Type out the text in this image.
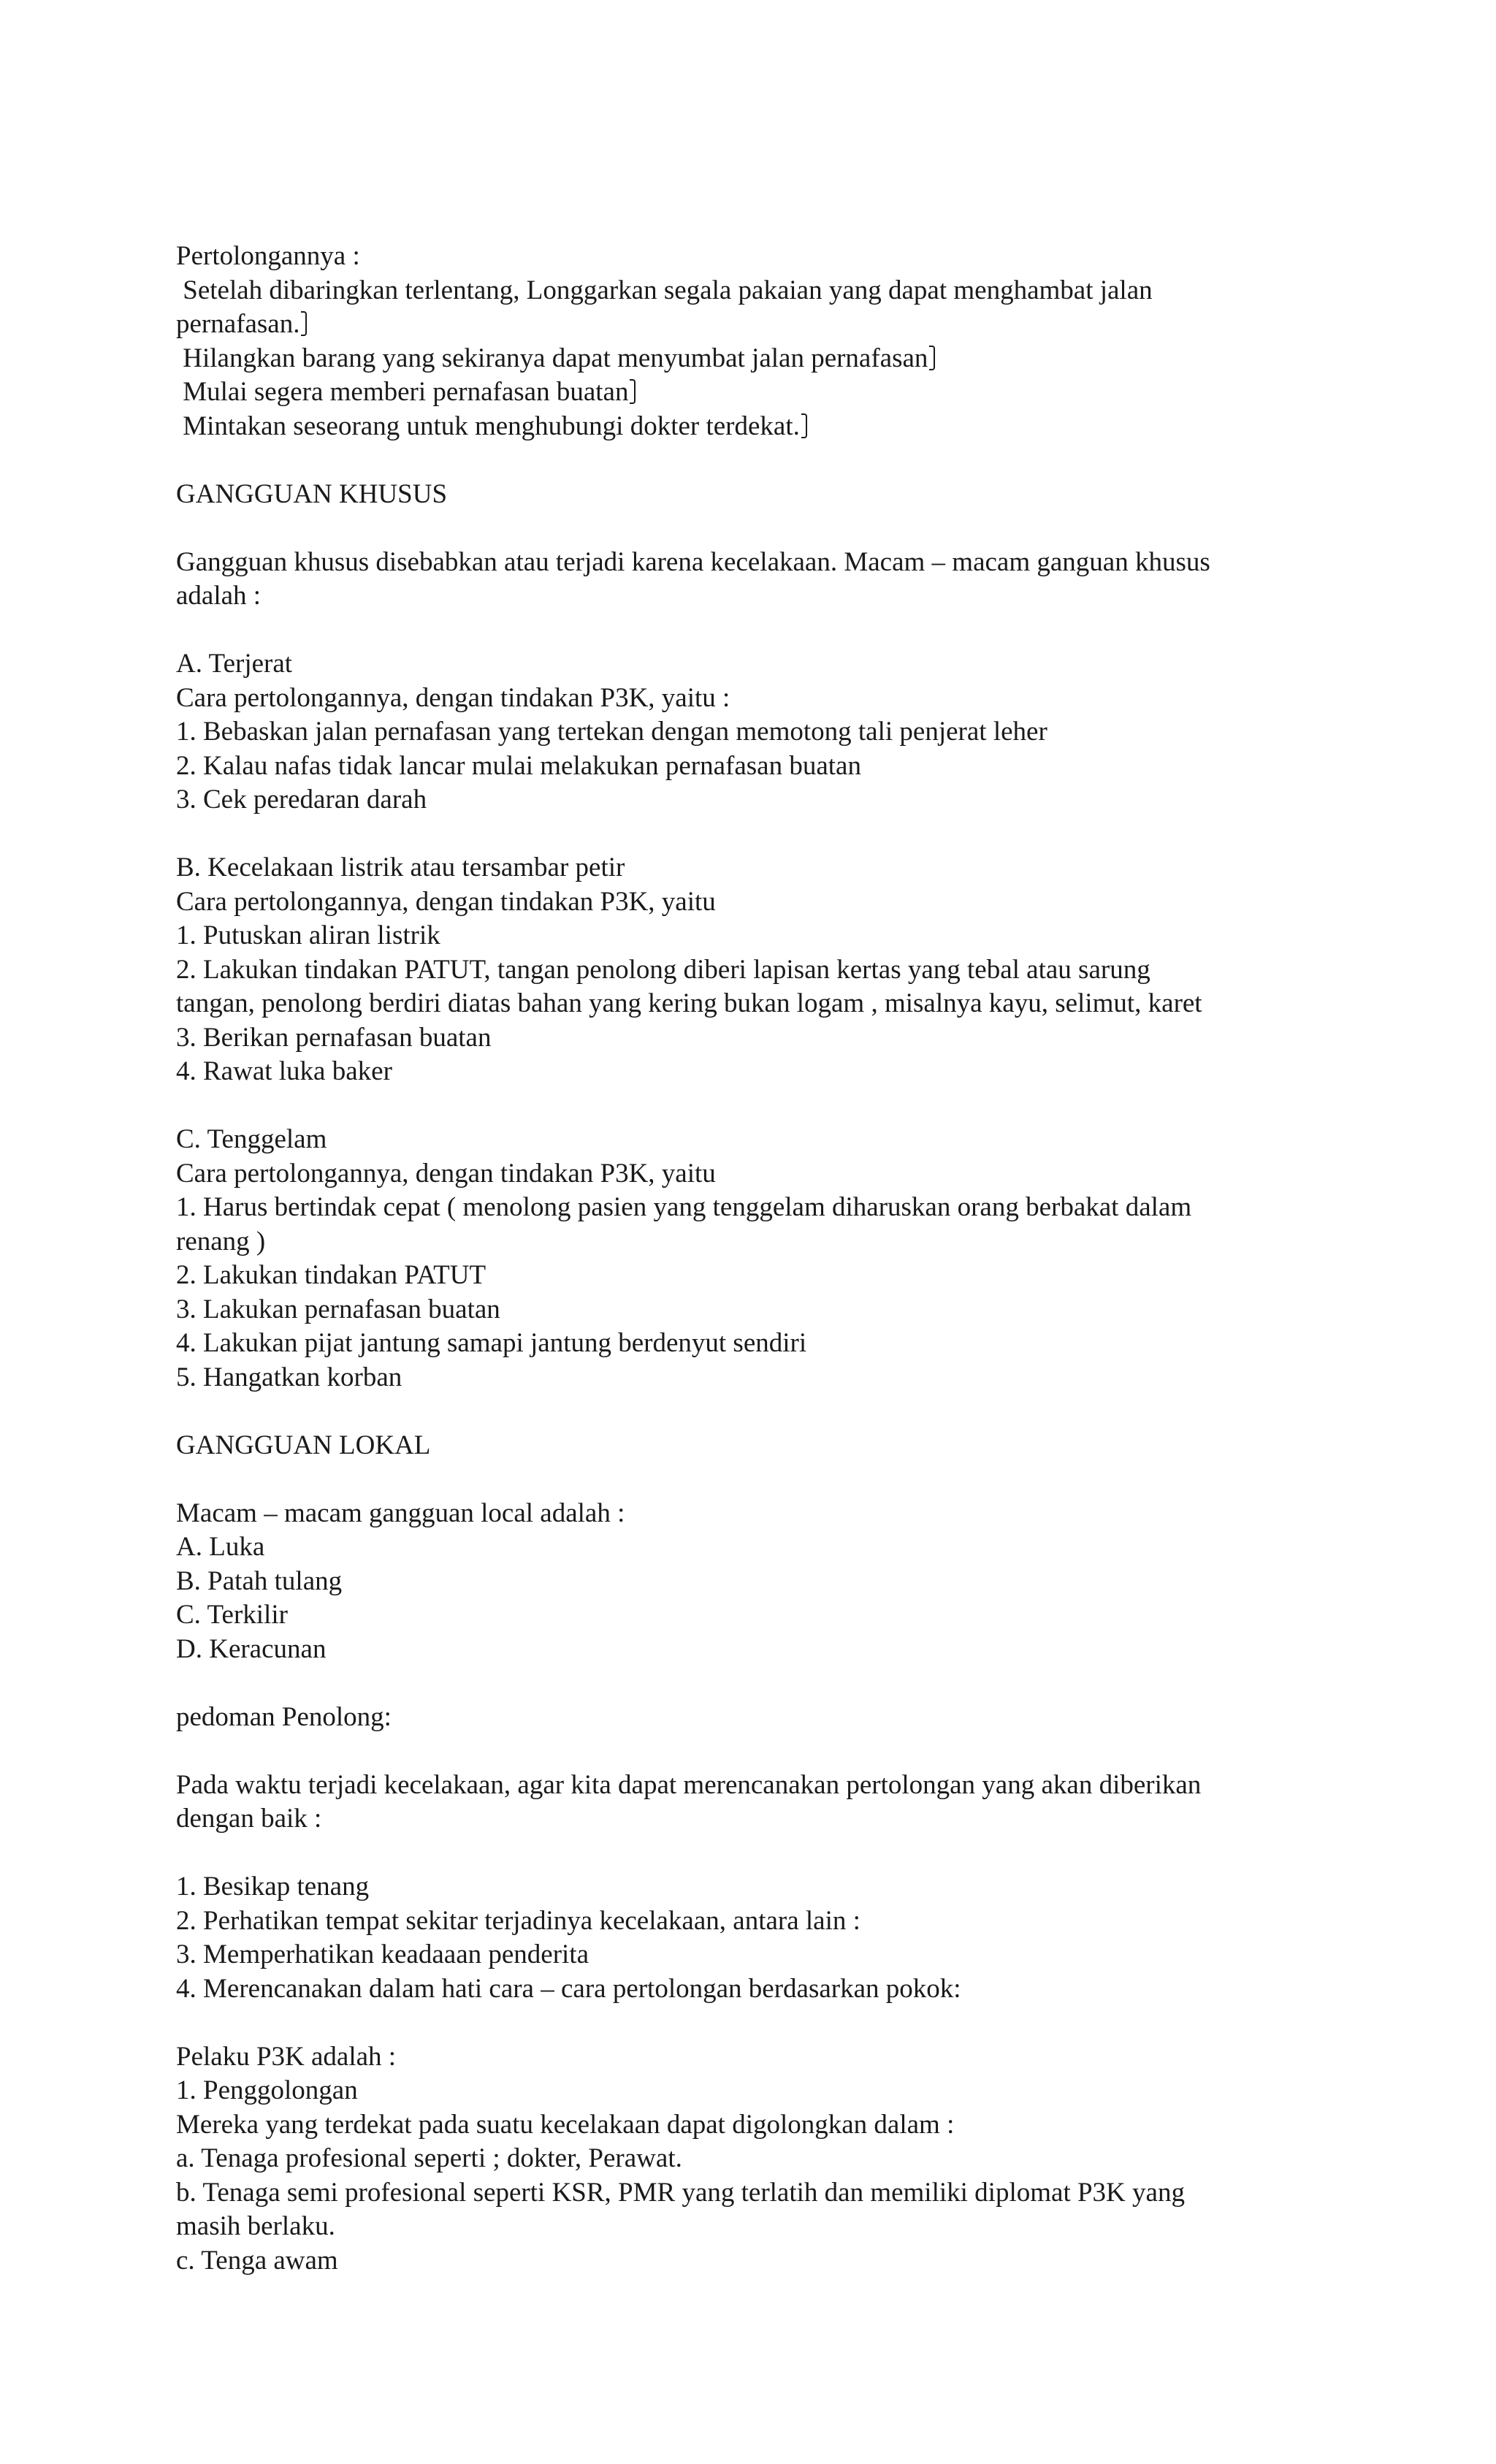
Pertolongannya :
Setelah dibaringkan terlentang, Longgarkan segala pakaian yang dapat menghambat jalan
pernafasan.
Hilangkan barang yang sekiranya dapat menyumbat jalan pernafasan
Mulai segera memberi pernafasan buatan
Mintakan seseorang untuk menghubungi dokter terdekat.
GANGGUAN KHUSUS
Gangguan khusus disebabkan atau terjadi karena kecelakaan. Macam – macam ganguan khusus
adalah :
A. Terjerat
Cara pertolongannya, dengan tindakan P3K, yaitu :
1. Bebaskan jalan pernafasan yang tertekan dengan memotong tali penjerat leher
2. Kalau nafas tidak lancar mulai melakukan pernafasan buatan
3. Cek peredaran darah
B. Kecelakaan listrik atau tersambar petir
Cara pertolongannya, dengan tindakan P3K, yaitu
1. Putuskan aliran listrik
2. Lakukan tindakan PATUT, tangan penolong diberi lapisan kertas yang tebal atau sarung
tangan, penolong berdiri diatas bahan yang kering bukan logam , misalnya kayu, selimut, karet
3. Berikan pernafasan buatan
4. Rawat luka baker
C. Tenggelam
Cara pertolongannya, dengan tindakan P3K, yaitu
1. Harus bertindak cepat ( menolong pasien yang tenggelam diharuskan orang berbakat dalam
renang )
2. Lakukan tindakan PATUT
3. Lakukan pernafasan buatan
4. Lakukan pijat jantung samapi jantung berdenyut sendiri
5. Hangatkan korban
GANGGUAN LOKAL
Macam – macam gangguan local adalah :
A. Luka
B. Patah tulang
C. Terkilir
D. Keracunan
pedoman Penolong:
Pada waktu terjadi kecelakaan, agar kita dapat merencanakan pertolongan yang akan diberikan
dengan baik :
1. Besikap tenang
2. Perhatikan tempat sekitar terjadinya kecelakaan, antara lain :
3. Memperhatikan keadaaan penderita
4. Merencanakan dalam hati cara – cara pertolongan berdasarkan pokok:
Pelaku P3K adalah :
1. Penggolongan
Mereka yang terdekat pada suatu kecelakaan dapat digolongkan dalam :
a. Tenaga profesional seperti ; dokter, Perawat.
b. Tenaga semi profesional seperti KSR, PMR yang terlatih dan memiliki diplomat P3K yang
masih berlaku.
c. Tenga awam
